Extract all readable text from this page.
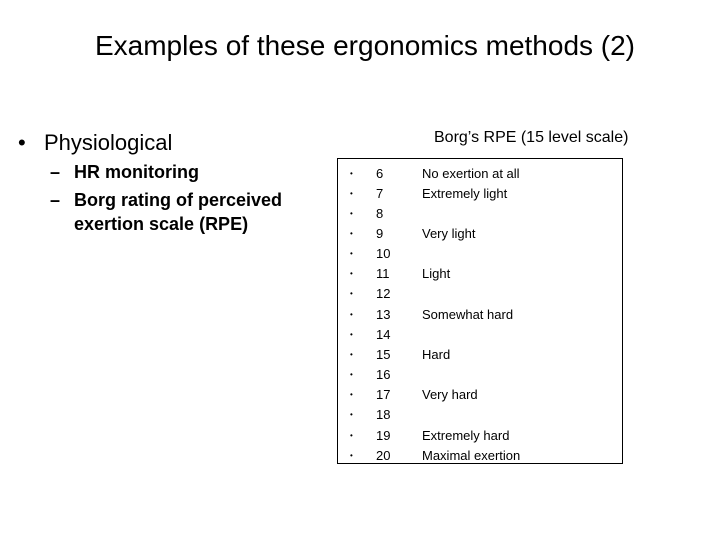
Examples of these ergonomics methods (2)
• Physiological
– HR monitoring
– Borg rating of perceived exertion scale (RPE)
Borg’s RPE (15 level scale)
• 6	No exertion at all
• 7	Extremely light
• 8
• 9	Very light
• 10
• 11	Light
• 12
• 13 Somewhat hard
• 14
• 15 Hard
• 16
• 17 Very hard
• 18
• 19 Extremely hard
• 20 Maximal exertion
